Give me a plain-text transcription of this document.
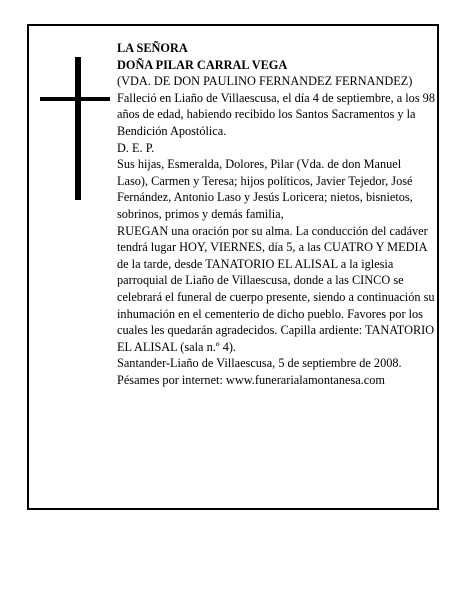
LA SEÑORA

DOÑA PILAR CARRAL VEGA

(VDA. DE DON PAULINO FERNANDEZ FERNANDEZ)

Falleció en Liaño de Villaescusa, el día 4 de septiembre, a los 98 años de edad, habiendo recibido los Santos Sacramentos y la Bendición Apostólica.

D. E. P.

Sus hijas, Esmeralda, Dolores, Pilar (Vda. de don Manuel Laso), Carmen y Teresa; hijos políticos, Javier Tejedor, José Fernández, Antonio Laso y Jesús Loricera; nietos, bisnietos, sobrinos, primos y demás familia,

RUEGAN una oración por su alma. La conducción del cadáver tendrá lugar HOY, VIERNES, día 5, a las CUATRO Y MEDIA de la tarde, desde TANATORIO EL ALISAL a la iglesia parroquial de Liaño de Villaescusa, donde a las CINCO se celebrará el funeral de cuerpo presente, siendo a continuación su inhumación en el cementerio de dicho pueblo. Favores por los cuales les quedarán agradecidos. Capilla ardiente: TANATORIO EL ALISAL (sala n.º 4).

Santander-Liaño de Villaescusa, 5 de septiembre de 2008.

Pésames por internet: www.funerarialamontanesa.com
